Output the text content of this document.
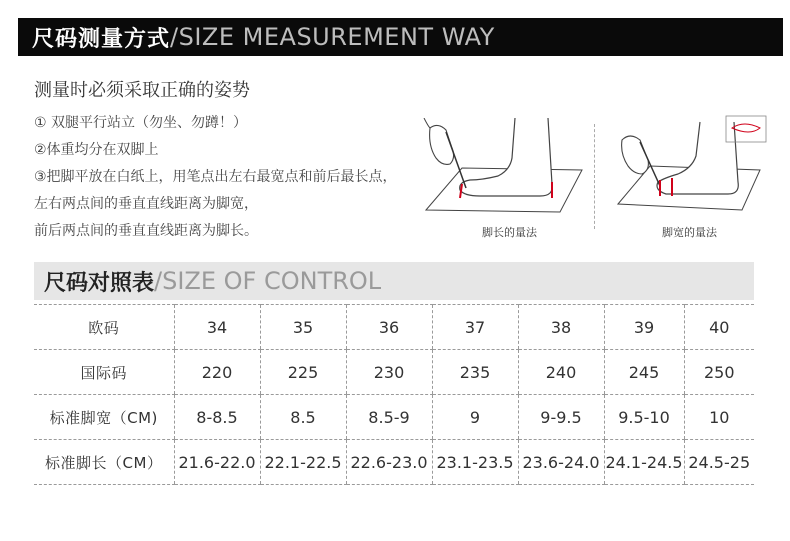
尺码测量方式 /SIZE MEASUREMENT WAY
测量时必须采取正确的姿势
① 双腿平行站立（勿坐、勿蹲！）
②体重均分在双脚上
③把脚平放在白纸上，用笔点出左右最宽点和前后最长点，
左右两点间的垂直直线距离为脚宽，
前后两点间的垂直直线距离为脚长。	脚长的量法	脚宽的量法
尺码对照表 /SIZE OF CONTROL
欧码	34	35	36	37	38	39	40
国际码	220	225	230	235	240	245	250
标准脚宽（CM)	8-8.5	8.5	8.5-9	9	9-9.5	9.5-10	10
标准脚长（CM）	21.6-22.0	22.1-22.5	22.6-23.0	23.1-23.5	23.6-24.0	24.1-24.5	24.5-25
